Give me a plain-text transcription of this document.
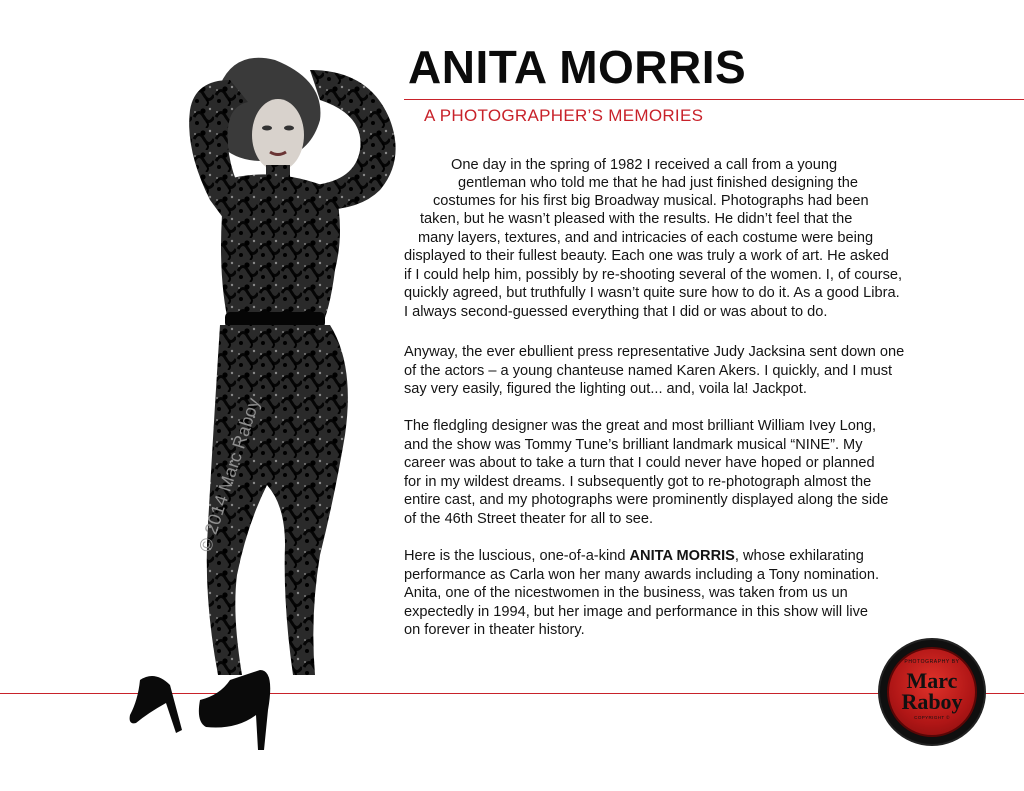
ANITA MORRIS
A PHOTOGRAPHER’S MEMORIES
© 2014 Marc Raboy
One day in the spring of 1982 I received a call from a young
gentleman who told me that he had just finished designing the
costumes for his first big Broadway musical. Photographs had been
taken, but he wasn’t pleased with the results. He didn’t feel that the
many layers, textures, and and intricacies of each costume were being
displayed to their fullest beauty. Each one was truly a work of art. He asked
if I could help him, possibly by re-shooting several of the women. I, of course,
quickly agreed, but truthfully I wasn’t quite sure how to do it. As a good Libra.
I always second-guessed everything that I did or was about to do.
Anyway, the ever ebullient press representative Judy Jacksina sent down one
of the actors – a young chanteuse named Karen Akers. I quickly, and I must
say very easily, figured the lighting out... and, voila la! Jackpot.
The fledgling designer was the great and most brilliant William Ivey Long,
and the show was Tommy Tune’s brilliant landmark musical “NINE”. My
career was about to take a turn that I could never have hoped or planned
for in my wildest dreams. I subsequently got to re-photograph almost the
entire cast, and my photographs were prominently displayed along the side
of the 46th Street theater for all to see.
Here is the luscious, one-of-a-kind ANITA MORRIS, whose exhilarating
performance as Carla won her many awards including a Tony nomination.
Anita, one of the nicestwomen in the business, was taken from us un
expectedly in 1994, but her image and performance in this show will live
on forever in theater history.
PHOTOGRAPHY BY
Marc
Raboy
COPYRIGHT ©
